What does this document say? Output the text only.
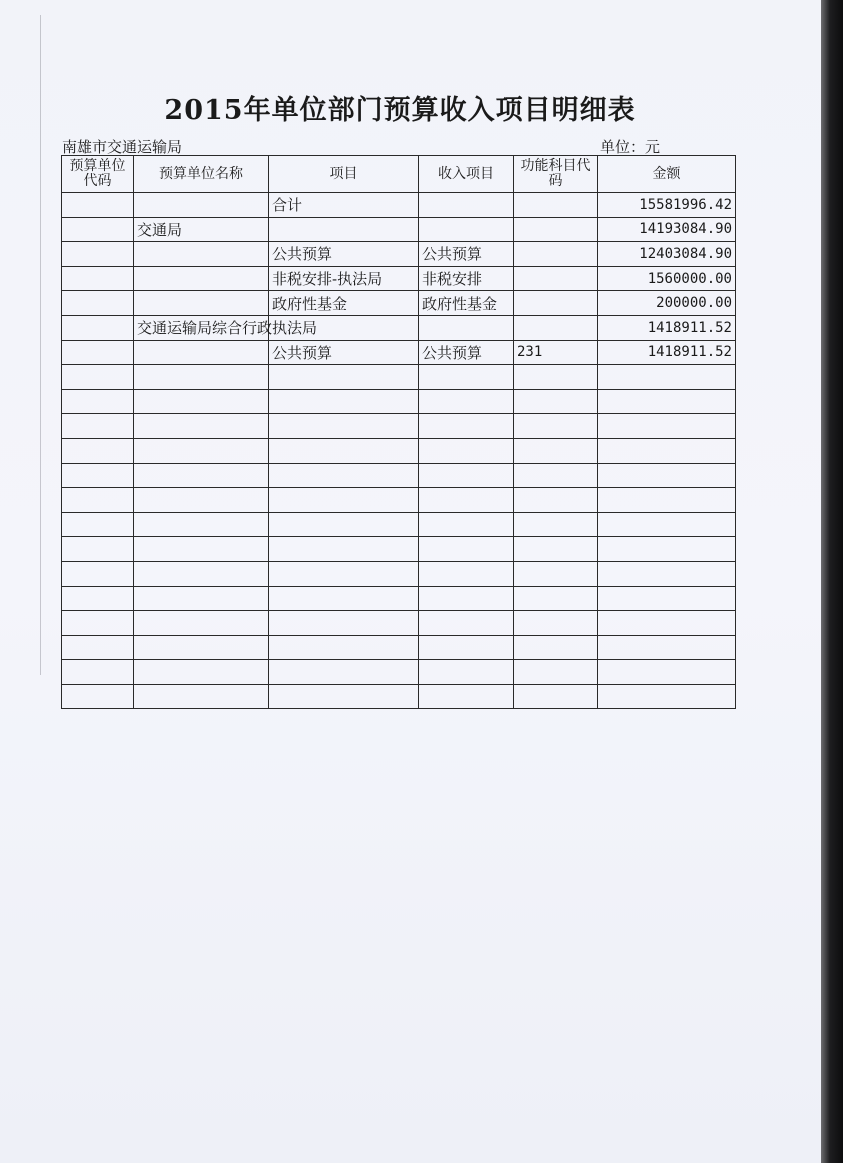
2015年单位部门预算收入项目明细表
南雄市交通运输局	单位：元
预算单位代码	预算单位名称	项目	收入项目	功能科目代码	金额
		合计			15581996.42
	交通局				14193084.90
		公共预算	公共预算		12403084.90
		非税安排-执法局	非税安排		1560000.00
		政府性基金	政府性基金		200000.00
	交通运输局综合行政执法局				1418911.52
		公共预算	公共预算	231	1418911.52
